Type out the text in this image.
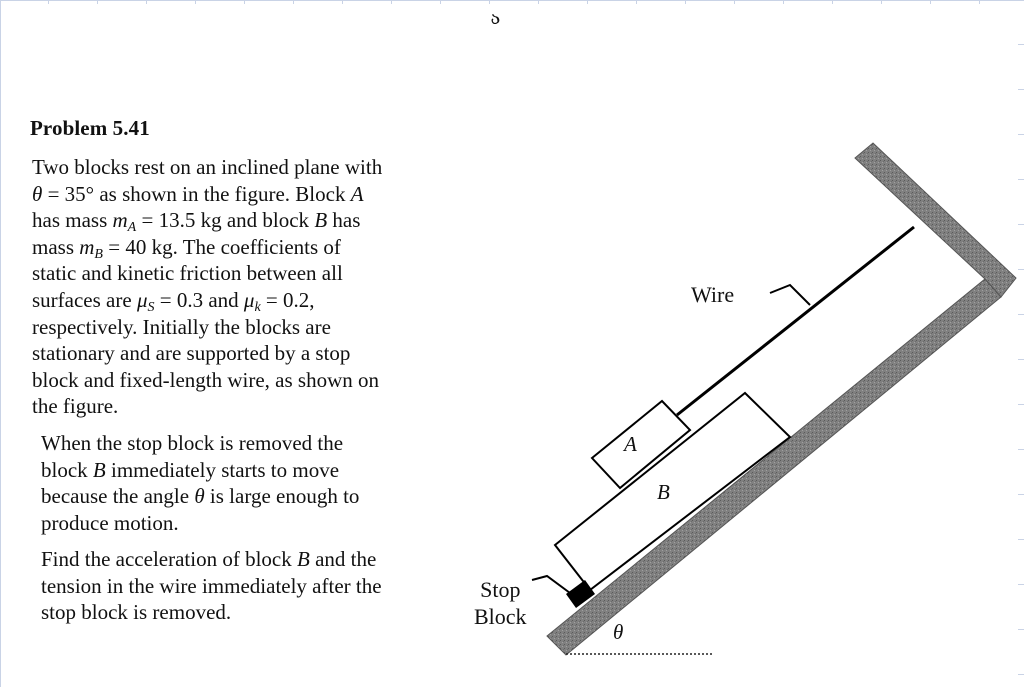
ა
Problem 5.41
Two blocks rest on an inclined plane with
θ = 35° as shown in the figure. Block A
has mass $m_A = 13.5$ kg and block B has
mass $m_B = 40$ kg. The coefficients of
static and kinetic friction between all
surfaces are $\mu_S = 0.3$ and $\mu_k = 0.2$,
respectively. Initially the blocks are
stationary and are supported by a stop
block and fixed-length wire, as shown on
the figure.
When the stop block is removed the
block B immediately starts to move
because the angle θ is large enough to
produce motion.
Find the acceleration of block B and the
tension in the wire immediately after the
stop block is removed.
Wire
Stop
Block
A
B
θ
